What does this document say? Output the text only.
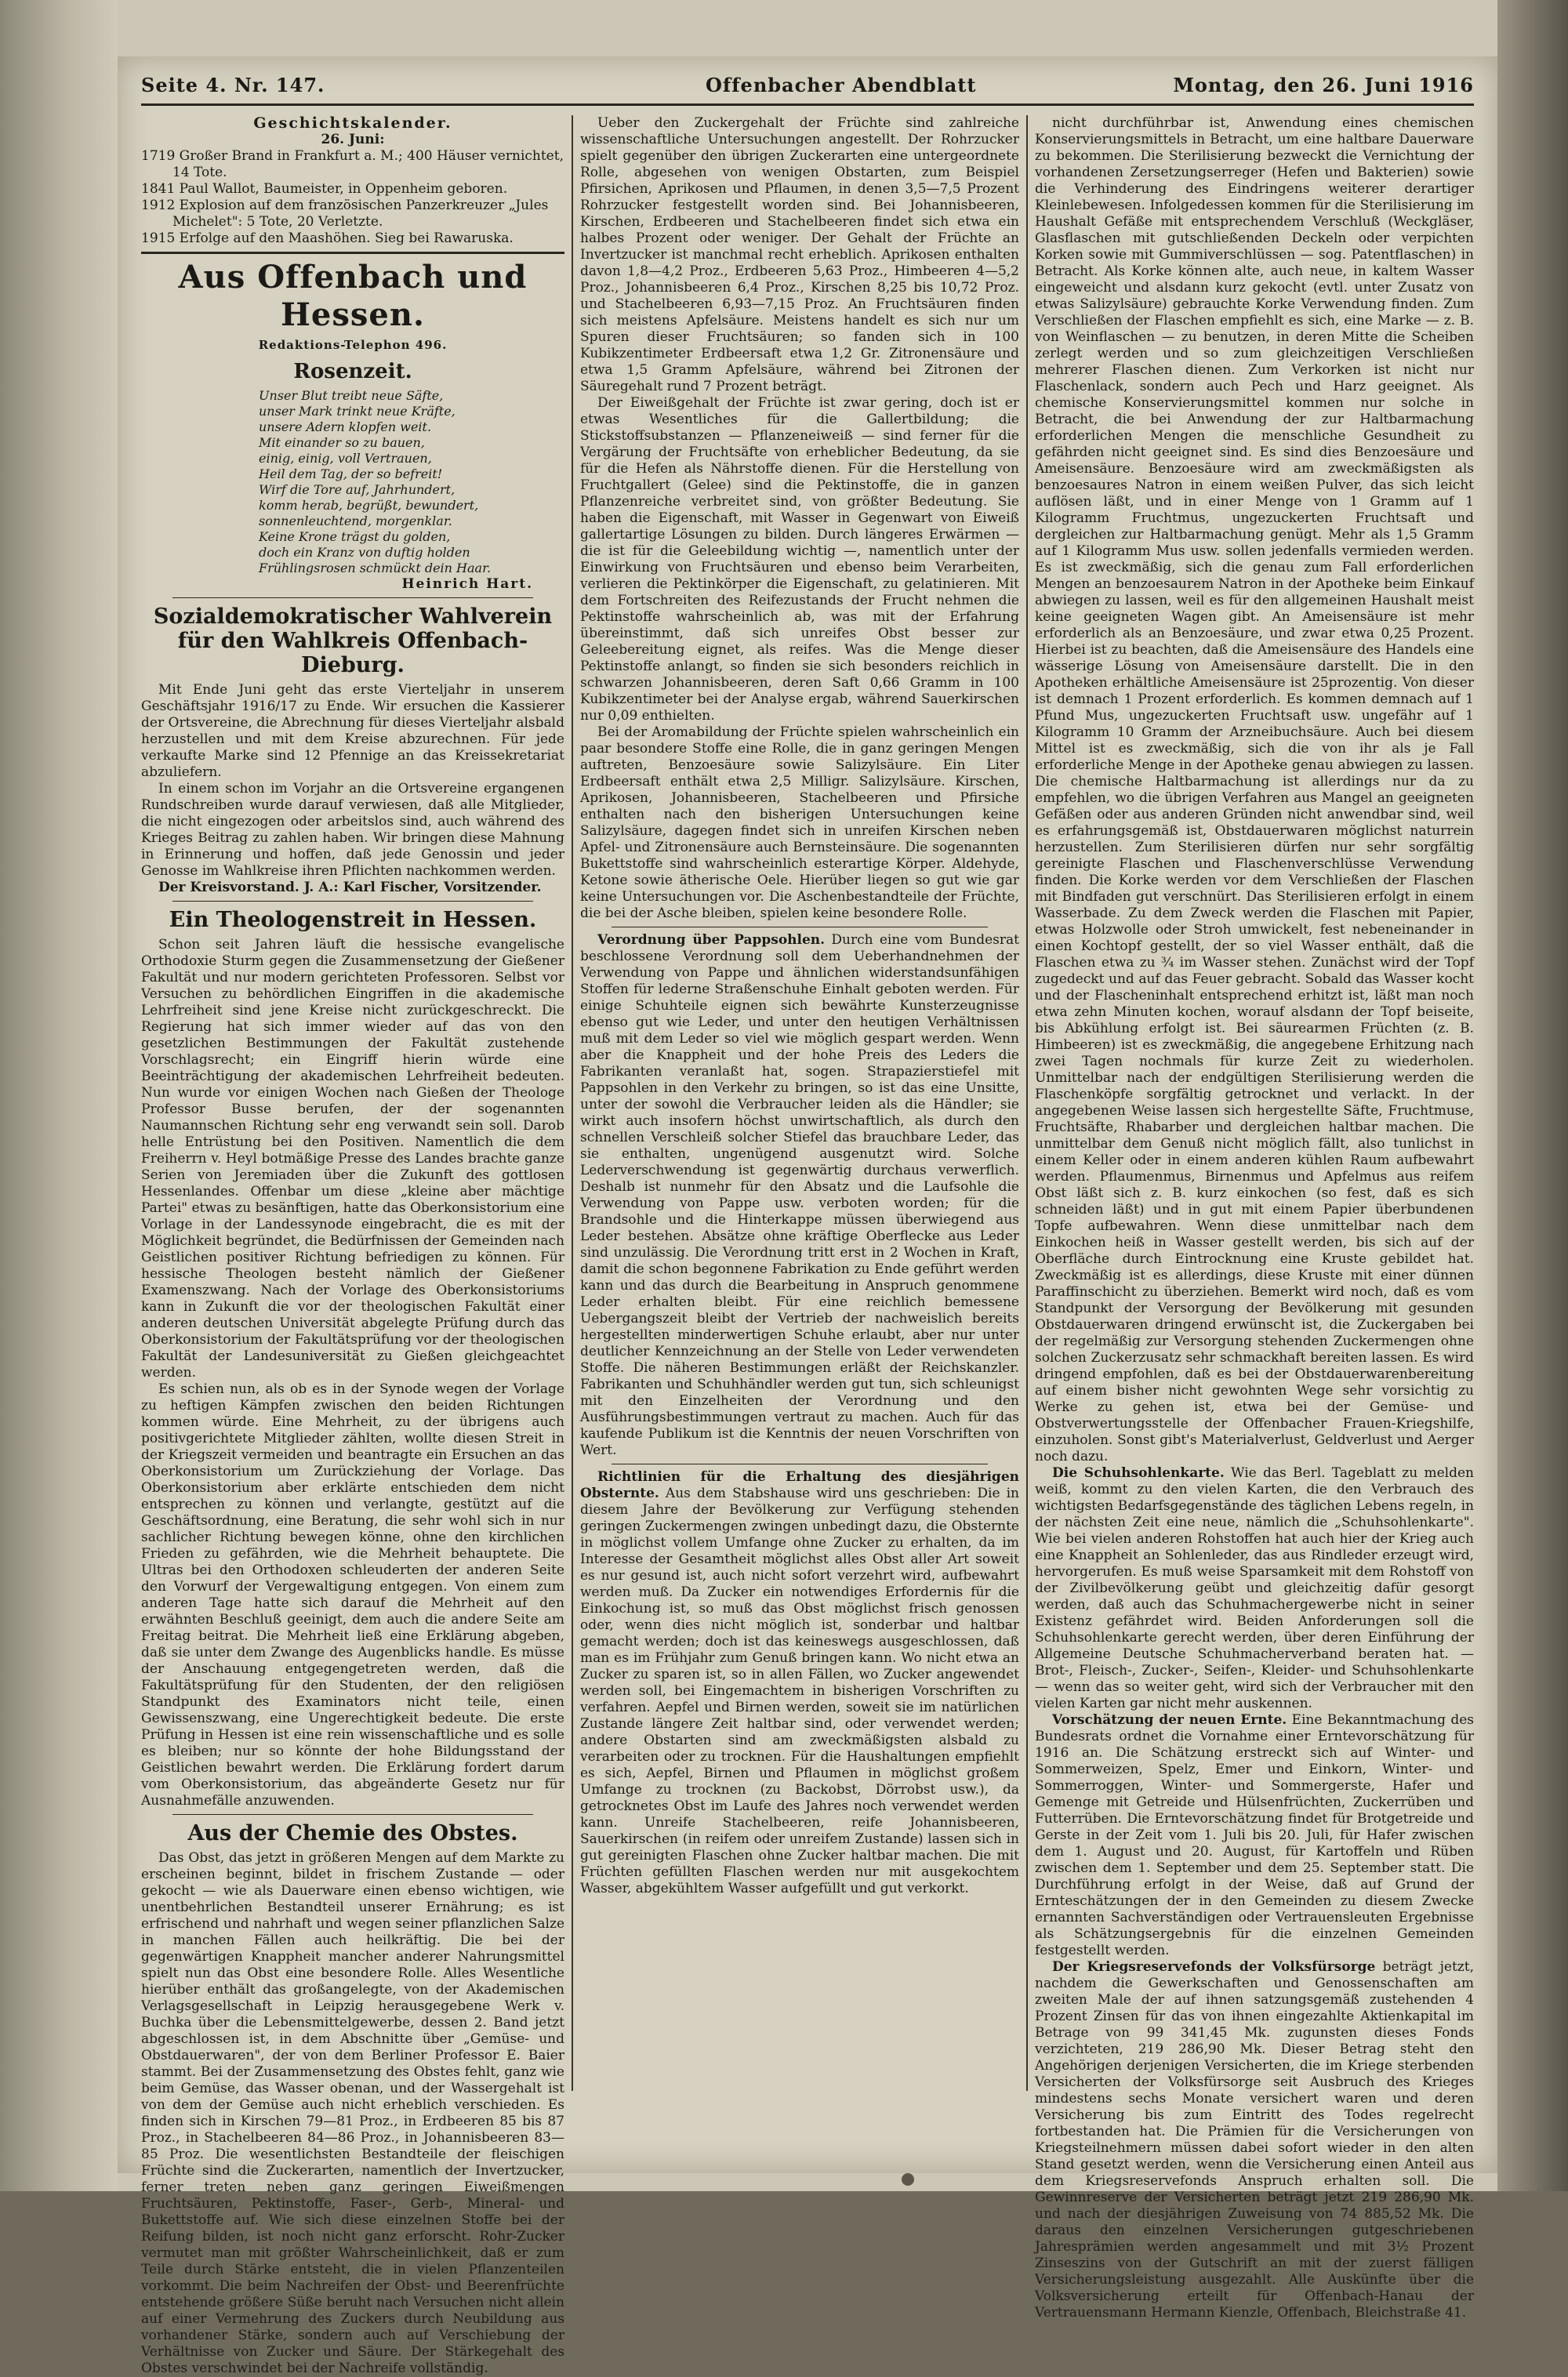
Seite 4. Nr. 147.	Offenbacher Abendblatt	Montag, den 26. Juni 1916
Geschichtskalender.
26. Juni:
1719 Großer Brand in Frankfurt a. M.; 400 Häuser vernichtet, 14 Tote.
1841 Paul Wallot, Baumeister, in Oppenheim geboren.
1912 Explosion auf dem französischen Panzerkreuzer „Jules Michelet": 5 Tote, 20 Verletzte.
1915 Erfolge auf den Maashöhen. Sieg bei Rawaruska.
Aus Offenbach und Hessen.
Redaktions-Telephon 496.
Rosenzeit.
Unser Blut treibt neue Säfte,
unser Mark trinkt neue Kräfte,
unsere Adern klopfen weit.
Mit einander so zu bauen,
einig, einig, voll Vertrauen,
Heil dem Tag, der so befreit!
Wirf die Tore auf, Jahrhundert,
komm herab, begrüßt, bewundert,
sonnenleuchtend, morgenklar.
Keine Krone trägst du golden,
doch ein Kranz von duftig holden
Frühlingsrosen schmückt dein Haar.
Heinrich Hart.
Sozialdemokratischer Wahlverein für den Wahlkreis Offenbach-Dieburg.

Mit Ende Juni geht das erste Vierteljahr in unserem Geschäftsjahr 1916/17 zu Ende. Wir ersuchen die Kassierer der Ortsvereine, die Abrechnung für dieses Vierteljahr alsbald herzustellen und mit dem Kreise abzurechnen. Für jede verkaufte Marke sind 12 Pfennige an das Kreissekretariat abzuliefern.

In einem schon im Vorjahr an die Ortsvereine ergangenen Rundschreiben wurde darauf verwiesen, daß alle Mitglieder, die nicht eingezogen oder arbeitslos sind, auch während des Krieges Beitrag zu zahlen haben. Wir bringen diese Mahnung in Erinnerung und hoffen, daß jede Genossin und jeder Genosse im Wahlkreise ihren Pflichten nachkommen werden.

Der Kreisvorstand. J. A.: Karl Fischer, Vorsitzender.

Ein Theologenstreit in Hessen.

Schon seit Jahren läuft die hessische evangelische Orthodoxie Sturm gegen die Zusammensetzung der Gießener Fakultät und nur modern gerichteten Professoren. Selbst vor Versuchen zu behördlichen Eingriffen in die akademische Lehrfreiheit sind jene Kreise nicht zurückgeschreckt. Die Regierung hat sich immer wieder auf das von den gesetzlichen Bestimmungen der Fakultät zustehende Vorschlagsrecht; ein Eingriff hierin würde eine Beeinträchtigung der akademischen Lehrfreiheit bedeuten. Nun wurde vor einigen Wochen nach Gießen der Theologe Professor Busse berufen, der der sogenannten Naumannschen Richtung sehr eng verwandt sein soll. Darob helle Entrüstung bei den Positiven. Namentlich die dem Freiherrn v. Heyl botmäßige Presse des Landes brachte ganze Serien von Jeremiaden über die Zukunft des gottlosen Hessenlandes. Offenbar um diese „kleine aber mächtige Partei" etwas zu besänftigen, hatte das Oberkonsistorium eine Vorlage in der Landessynode eingebracht, die es mit der Möglichkeit begründet, die Bedürfnissen der Gemeinden nach Geistlichen positiver Richtung befriedigen zu können. Für hessische Theologen besteht nämlich der Gießener Examenszwang. Nach der Vorlage des Oberkonsistoriums kann in Zukunft die vor der theologischen Fakultät einer anderen deutschen Universität abgelegte Prüfung durch das Oberkonsistorium der Fakultätsprüfung vor der theologischen Fakultät der Landesuniversität zu Gießen gleichgeachtet werden.

Es schien nun, als ob es in der Synode wegen der Vorlage zu heftigen Kämpfen zwischen den beiden Richtungen kommen würde. Eine Mehrheit, zu der übrigens auch positivgerichtete Mitglieder zählten, wollte diesen Streit in der Kriegszeit vermeiden und beantragte ein Ersuchen an das Oberkonsistorium um Zurückziehung der Vorlage. Das Oberkonsistorium aber erklärte entschieden dem nicht entsprechen zu können und verlangte, gestützt auf die Geschäftsordnung, eine Beratung, die sehr wohl sich in nur sachlicher Richtung bewegen könne, ohne den kirchlichen Frieden zu gefährden, wie die Mehrheit behauptete. Die Ultras bei den Orthodoxen schleuderten der anderen Seite den Vorwurf der Vergewaltigung entgegen. Von einem zum anderen Tage hatte sich darauf die Mehrheit auf den erwähnten Beschluß geeinigt, dem auch die andere Seite am Freitag beitrat. Die Mehrheit ließ eine Erklärung abgeben, daß sie unter dem Zwange des Augenblicks handle. Es müsse der Anschauung entgegengetreten werden, daß die Fakultätsprüfung für den Studenten, der den religiösen Standpunkt des Examinators nicht teile, einen Gewissenszwang, eine Ungerechtigkeit bedeute. Die erste Prüfung in Hessen ist eine rein wissenschaftliche und es solle es bleiben; nur so könnte der hohe Bildungsstand der Geistlichen bewahrt werden. Die Erklärung fordert darum vom Oberkonsistorium, das abgeänderte Gesetz nur für Ausnahmefälle anzuwenden.

Aus der Chemie des Obstes.

Das Obst, das jetzt in größeren Mengen auf dem Markte zu erscheinen beginnt, bildet in frischem Zustande — oder gekocht — wie als Dauerware einen ebenso wichtigen, wie unentbehrlichen Bestandteil unserer Ernährung; es ist erfrischend und nahrhaft und wegen seiner pflanzlichen Salze in manchen Fällen auch heilkräftig. Die bei der gegenwärtigen Knappheit mancher anderer Nahrungsmittel spielt nun das Obst eine besondere Rolle. Alles Wesentliche hierüber enthält das großangelegte, von der Akademischen Verlagsgesellschaft in Leipzig herausgegebene Werk v. Buchka über die Lebensmittelgewerbe, dessen 2. Band jetzt abgeschlossen ist, in dem Abschnitte über „Gemüse- und Obstdauerwaren", der von dem Berliner Professor E. Baier stammt. Bei der Zusammensetzung des Obstes fehlt, ganz wie beim Gemüse, das Wasser obenan, und der Wassergehalt ist von dem der Gemüse auch nicht erheblich verschieden. Es finden sich in Kirschen 79—81 Proz., in Erdbeeren 85 bis 87 Proz., in Stachelbeeren 84—86 Proz., in Johannisbeeren 83—85 Proz. Die wesentlichsten Bestandteile der fleischigen Früchte sind die Zuckerarten, namentlich der Invertzucker, ferner treten neben ganz geringen Eiweißmengen Fruchtsäuren, Pektinstoffe, Faser-, Gerb-, Mineral- und Bukettstoffe auf. Wie sich diese einzelnen Stoffe bei der Reifung bilden, ist noch nicht ganz erforscht. Rohr-Zucker vermutet man mit größter Wahrscheinlichkeit, daß er zum Teile durch Stärke entsteht, die in vielen Pflanzenteilen vorkommt. Die beim Nachreifen der Obst- und Beerenfrüchte entstehende größere Süße beruht nach Versuchen nicht allein auf einer Vermehrung des Zuckers durch Neubildung aus vorhandener Stärke, sondern auch auf Verschiebung der Verhältnisse von Zucker und Säure. Der Stärkegehalt des Obstes verschwindet bei der Nachreife vollständig.

Ueber den Zuckergehalt der Früchte sind zahlreiche wissenschaftliche Untersuchungen angestellt. Der Rohrzucker spielt gegenüber den übrigen Zuckerarten eine untergeordnete Rolle, abgesehen von wenigen Obstarten, zum Beispiel Pfirsichen, Aprikosen und Pflaumen, in denen 3,5—7,5 Prozent Rohrzucker festgestellt worden sind. Bei Johannisbeeren, Kirschen, Erdbeeren und Stachelbeeren findet sich etwa ein halbes Prozent oder weniger. Der Gehalt der Früchte an Invertzucker ist manchmal recht erheblich. Aprikosen enthalten davon 1,8—4,2 Proz., Erdbeeren 5,63 Proz., Himbeeren 4—5,2 Proz., Johannisbeeren 6,4 Proz., Kirschen 8,25 bis 10,72 Proz. und Stachelbeeren 6,93—7,15 Proz. An Fruchtsäuren finden sich meistens Apfelsäure. Meistens handelt es sich nur um Spuren dieser Fruchtsäuren; so fanden sich in 100 Kubikzentimeter Erdbeersaft etwa 1,2 Gr. Zitronensäure und etwa 1,5 Gramm Apfelsäure, während bei Zitronen der Säuregehalt rund 7 Prozent beträgt.

Der Eiweißgehalt der Früchte ist zwar gering, doch ist er etwas Wesentliches für die Gallertbildung; die Stickstoffsubstanzen — Pflanzeneiweiß — sind ferner für die Vergärung der Fruchtsäfte von erheblicher Bedeutung, da sie für die Hefen als Nährstoffe dienen. Für die Herstellung von Fruchtgallert (Gelee) sind die Pektinstoffe, die in ganzen Pflanzenreiche verbreitet sind, von größter Bedeutung. Sie haben die Eigenschaft, mit Wasser in Gegenwart von Eiweiß gallertartige Lösungen zu bilden. Durch längeres Erwärmen — die ist für die Geleebildung wichtig —, namentlich unter der Einwirkung von Fruchtsäuren und ebenso beim Verarbeiten, verlieren die Pektinkörper die Eigenschaft, zu gelatinieren. Mit dem Fortschreiten des Reifezustands der Frucht nehmen die Pektinstoffe wahrscheinlich ab, was mit der Erfahrung übereinstimmt, daß sich unreifes Obst besser zur Geleebereitung eignet, als reifes. Was die Menge dieser Pektinstoffe anlangt, so finden sie sich besonders reichlich in schwarzen Johannisbeeren, deren Saft 0,66 Gramm in 100 Kubikzentimeter bei der Analyse ergab, während Sauerkirschen nur 0,09 enthielten.

Bei der Aromabildung der Früchte spielen wahrscheinlich ein paar besondere Stoffe eine Rolle, die in ganz geringen Mengen auftreten, Benzoesäure sowie Salizylsäure. Ein Liter Erdbeersaft enthält etwa 2,5 Milligr. Salizylsäure. Kirschen, Aprikosen, Johannisbeeren, Stachelbeeren und Pfirsiche enthalten nach den bisherigen Untersuchungen keine Salizylsäure, dagegen findet sich in unreifen Kirschen neben Apfel- und Zitronensäure auch Bernsteinsäure. Die sogenannten Bukettstoffe sind wahrscheinlich esterartige Körper. Aldehyde, Ketone sowie ätherische Oele. Hierüber liegen so gut wie gar keine Untersuchungen vor. Die Aschenbestandteile der Früchte, die bei der Asche bleiben, spielen keine besondere Rolle.

Verordnung über Pappsohlen. Durch eine vom Bundesrat beschlossene Verordnung soll dem Ueberhandnehmen der Verwendung von Pappe und ähnlichen widerstandsunfähigen Stoffen für lederne Straßenschuhe Einhalt geboten werden. Für einige Schuhteile eignen sich bewährte Kunsterzeugnisse ebenso gut wie Leder, und unter den heutigen Verhältnissen muß mit dem Leder so viel wie möglich gespart werden. Wenn aber die Knappheit und der hohe Preis des Leders die Fabrikanten veranlaßt hat, sogen. Strapazierstiefel mit Pappsohlen in den Verkehr zu bringen, so ist das eine Unsitte, unter der sowohl die Verbraucher leiden als die Händler; sie wirkt auch insofern höchst unwirtschaftlich, als durch den schnellen Verschleiß solcher Stiefel das brauchbare Leder, das sie enthalten, ungenügend ausgenutzt wird. Solche Lederverschwendung ist gegenwärtig durchaus verwerflich. Deshalb ist nunmehr für den Absatz und die Laufsohle die Verwendung von Pappe usw. verboten worden; für die Brandsohle und die Hinterkappe müssen überwiegend aus Leder bestehen. Absätze ohne kräftige Oberflecke aus Leder sind unzulässig. Die Verordnung tritt erst in 2 Wochen in Kraft, damit die schon begonnene Fabrikation zu Ende geführt werden kann und das durch die Bearbeitung in Anspruch genommene Leder erhalten bleibt. Für eine reichlich bemessene Uebergangszeit bleibt der Vertrieb der nachweislich bereits hergestellten minderwertigen Schuhe erlaubt, aber nur unter deutlicher Kennzeichnung an der Stelle von Leder verwendeten Stoffe. Die näheren Bestimmungen erläßt der Reichskanzler. Fabrikanten und Schuhhändler werden gut tun, sich schleunigst mit den Einzelheiten der Verordnung und den Ausführungsbestimmungen vertraut zu machen. Auch für das kaufende Publikum ist die Kenntnis der neuen Vorschriften von Wert.

Richtlinien für die Erhaltung des diesjährigen Obsternte. Aus dem Stabshause wird uns geschrieben: Die in diesem Jahre der Bevölkerung zur Verfügung stehenden geringen Zuckermengen zwingen unbedingt dazu, die Obsternte in möglichst vollem Umfange ohne Zucker zu erhalten, da im Interesse der Gesamtheit möglichst alles Obst aller Art soweit es nur gesund ist, auch nicht sofort verzehrt wird, aufbewahrt werden muß. Da Zucker ein notwendiges Erfordernis für die Einkochung ist, so muß das Obst möglichst frisch genossen oder, wenn dies nicht möglich ist, sonderbar und haltbar gemacht werden; doch ist das keineswegs ausgeschlossen, daß man es im Frühjahr zum Genuß bringen kann. Wo nicht etwa an Zucker zu sparen ist, so in allen Fällen, wo Zucker angewendet werden soll, bei Eingemachtem in bisherigen Vorschriften zu verfahren. Aepfel und Birnen werden, soweit sie im natürlichen Zustande längere Zeit haltbar sind, oder verwendet werden; andere Obstarten sind am zweckmäßigsten alsbald zu verarbeiten oder zu trocknen. Für die Haushaltungen empfiehlt es sich, Aepfel, Birnen und Pflaumen in möglichst großem Umfange zu trocknen (zu Backobst, Dörrobst usw.), da getrocknetes Obst im Laufe des Jahres noch verwendet werden kann. Unreife Stachelbeeren, reife Johannisbeeren, Sauerkirschen (in reifem oder unreifem Zustande) lassen sich in gut gereinigten Flaschen ohne Zucker haltbar machen. Die mit Früchten gefüllten Flaschen werden nur mit ausgekochtem Wasser, abgekühltem Wasser aufgefüllt und gut verkorkt.

nicht durchführbar ist, Anwendung eines chemischen Konservierungsmittels in Betracht, um eine haltbare Dauerware zu bekommen. Die Sterilisierung bezweckt die Vernichtung der vorhandenen Zersetzungserreger (Hefen und Bakterien) sowie die Verhinderung des Eindringens weiterer derartiger Kleinlebewesen. Infolgedessen kommen für die Sterilisierung im Haushalt Gefäße mit entsprechendem Verschluß (Weckgläser, Glasflaschen mit gutschließenden Deckeln oder verpichten Korken sowie mit Gummiverschlüssen — sog. Patentflaschen) in Betracht. Als Korke können alte, auch neue, in kaltem Wasser eingeweicht und alsdann kurz gekocht (evtl. unter Zusatz von etwas Salizylsäure) gebrauchte Korke Verwendung finden. Zum Verschließen der Flaschen empfiehlt es sich, eine Marke — z. B. von Weinflaschen — zu benutzen, in deren Mitte die Scheiben zerlegt werden und so zum gleichzeitigen Verschließen mehrerer Flaschen dienen. Zum Verkorken ist nicht nur Flaschenlack, sondern auch Pech und Harz geeignet. Als chemische Konservierungsmittel kommen nur solche in Betracht, die bei Anwendung der zur Haltbarmachung erforderlichen Mengen die menschliche Gesundheit zu gefährden nicht geeignet sind. Es sind dies Benzoesäure und Ameisensäure. Benzoesäure wird am zweckmäßigsten als benzoesaures Natron in einem weißen Pulver, das sich leicht auflösen läßt, und in einer Menge von 1 Gramm auf 1 Kilogramm Fruchtmus, ungezuckerten Fruchtsaft und dergleichen zur Haltbarmachung genügt. Mehr als 1,5 Gramm auf 1 Kilogramm Mus usw. sollen jedenfalls vermieden werden. Es ist zweckmäßig, sich die genau zum Fall erforderlichen Mengen an benzoesaurem Natron in der Apotheke beim Einkauf abwiegen zu lassen, weil es für den allgemeinen Haushalt meist keine geeigneten Wagen gibt. An Ameisensäure ist mehr erforderlich als an Benzoesäure, und zwar etwa 0,25 Prozent. Hierbei ist zu beachten, daß die Ameisensäure des Handels eine wässerige Lösung von Ameisensäure darstellt. Die in den Apotheken erhältliche Ameisensäure ist 25prozentig. Von dieser ist demnach 1 Prozent erforderlich. Es kommen demnach auf 1 Pfund Mus, ungezuckerten Fruchtsaft usw. ungefähr auf 1 Kilogramm 10 Gramm der Arzneibuchsäure. Auch bei diesem Mittel ist es zweckmäßig, sich die von ihr als je Fall erforderliche Menge in der Apotheke genau abwiegen zu lassen. Die chemische Haltbarmachung ist allerdings nur da zu empfehlen, wo die übrigen Verfahren aus Mangel an geeigneten Gefäßen oder aus anderen Gründen nicht anwendbar sind, weil es erfahrungsgemäß ist, Obstdauerwaren möglichst naturrein herzustellen. Zum Sterilisieren dürfen nur sehr sorgfältig gereinigte Flaschen und Flaschenverschlüsse Verwendung finden. Die Korke werden vor dem Verschließen der Flaschen mit Bindfaden gut verschnürt. Das Sterilisieren erfolgt in einem Wasserbade. Zu dem Zweck werden die Flaschen mit Papier, etwas Holzwolle oder Stroh umwickelt, fest nebeneinander in einen Kochtopf gestellt, der so viel Wasser enthält, daß die Flaschen etwa zu ¾ im Wasser stehen. Zunächst wird der Topf zugedeckt und auf das Feuer gebracht. Sobald das Wasser kocht und der Flascheninhalt entsprechend erhitzt ist, läßt man noch etwa zehn Minuten kochen, worauf alsdann der Topf beiseite, bis Abkühlung erfolgt ist. Bei säurearmen Früchten (z. B. Himbeeren) ist es zweckmäßig, die angegebene Erhitzung nach zwei Tagen nochmals für kurze Zeit zu wiederholen. Unmittelbar nach der endgültigen Sterilisierung werden die Flaschenköpfe sorgfältig getrocknet und verlackt. In der angegebenen Weise lassen sich hergestellte Säfte, Fruchtmuse, Fruchtsäfte, Rhabarber und dergleichen haltbar machen. Die unmittelbar dem Genuß nicht möglich fällt, also tunlichst in einem Keller oder in einem anderen kühlen Raum aufbewahrt werden. Pflaumenmus, Birnenmus und Apfelmus aus reifem Obst läßt sich z. B. kurz einkochen (so fest, daß es sich schneiden läßt) und in gut mit einem Papier überbundenen Topfe aufbewahren. Wenn diese unmittelbar nach dem Einkochen heiß in Wasser gestellt werden, bis sich auf der Oberfläche durch Eintrocknung eine Kruste gebildet hat. Zweckmäßig ist es allerdings, diese Kruste mit einer dünnen Paraffinschicht zu überziehen. Bemerkt wird noch, daß es vom Standpunkt der Versorgung der Bevölkerung mit gesunden Obstdauerwaren dringend erwünscht ist, die Zuckergaben bei der regelmäßig zur Versorgung stehenden Zuckermengen ohne solchen Zuckerzusatz sehr schmackhaft bereiten lassen. Es wird dringend empfohlen, daß es bei der Obstdauerwarenbereitung auf einem bisher nicht gewohnten Wege sehr vorsichtig zu Werke zu gehen ist, etwa bei der Gemüse- und Obstverwertungsstelle der Offenbacher Frauen-Kriegshilfe, einzuholen. Sonst gibt's Materialverlust, Geldverlust und Aerger noch dazu.

Die Schuhsohlenkarte. Wie das Berl. Tageblatt zu melden weiß, kommt zu den vielen Karten, die den Verbrauch des wichtigsten Bedarfsgegenstände des täglichen Lebens regeln, in der nächsten Zeit eine neue, nämlich die „Schuhsohlenkarte". Wie bei vielen anderen Rohstoffen hat auch hier der Krieg auch eine Knappheit an Sohlenleder, das aus Rindleder erzeugt wird, hervorgerufen. Es muß weise Sparsamkeit mit dem Rohstoff von der Zivilbevölkerung geübt und gleichzeitig dafür gesorgt werden, daß auch das Schuhmachergewerbe nicht in seiner Existenz gefährdet wird. Beiden Anforderungen soll die Schuhsohlenkarte gerecht werden, über deren Einführung der Allgemeine Deutsche Schuhmacherverband beraten hat. — Brot-, Fleisch-, Zucker-, Seifen-, Kleider- und Schuhsohlenkarte — wenn das so weiter geht, wird sich der Verbraucher mit den vielen Karten gar nicht mehr auskennen.

Vorschätzung der neuen Ernte. Eine Bekanntmachung des Bundesrats ordnet die Vornahme einer Erntevorschätzung für 1916 an. Die Schätzung erstreckt sich auf Winter- und Sommerweizen, Spelz, Emer und Einkorn, Winter- und Sommerroggen, Winter- und Sommergerste, Hafer und Gemenge mit Getreide und Hülsenfrüchten, Zuckerrüben und Futterrüben. Die Erntevorschätzung findet für Brotgetreide und Gerste in der Zeit vom 1. Juli bis 20. Juli, für Hafer zwischen dem 1. August und 20. August, für Kartoffeln und Rüben zwischen dem 1. September und dem 25. September statt. Die Durchführung erfolgt in der Weise, daß auf Grund der Ernteschätzungen der in den Gemeinden zu diesem Zwecke ernannten Sachverständigen oder Vertrauensleuten Ergebnisse als Schätzungsergebnis für die einzelnen Gemeinden festgestellt werden.

Der Kriegsreservefonds der Volksfürsorge beträgt jetzt, nachdem die Gewerkschaften und Genossenschaften am zweiten Male der auf ihnen satzungsgemäß zustehenden 4 Prozent Zinsen für das von ihnen eingezahlte Aktienkapital im Betrage von 99 341,45 Mk. zugunsten dieses Fonds verzichteten, 219 286,90 Mk. Dieser Betrag steht den Angehörigen derjenigen Versicherten, die im Kriege sterbenden Versicherten der Volksfürsorge seit Ausbruch des Krieges mindestens sechs Monate versichert waren und deren Versicherung bis zum Eintritt des Todes regelrecht fortbestanden hat. Die Prämien für die Versicherungen von Kriegsteilnehmern müssen dabei sofort wieder in den alten Stand gesetzt werden, wenn die Versicherung einen Anteil aus dem Kriegsreservefonds Anspruch erhalten soll. Die Gewinnreserve der Versicherten beträgt jetzt 219 286,90 Mk. und nach der diesjährigen Zuweisung von 74 885,52 Mk. Die daraus den einzelnen Versicherungen gutgeschriebenen Jahresprämien werden angesammelt und mit 3½ Prozent Zinseszins von der Gutschrift an mit der zuerst fälligen Versicherungsleistung ausgezahlt. Alle Auskünfte über die Volksversicherung erteilt für Offenbach-Hanau der Vertrauensmann Hermann Kienzle, Offenbach, Bleichstraße 41.
